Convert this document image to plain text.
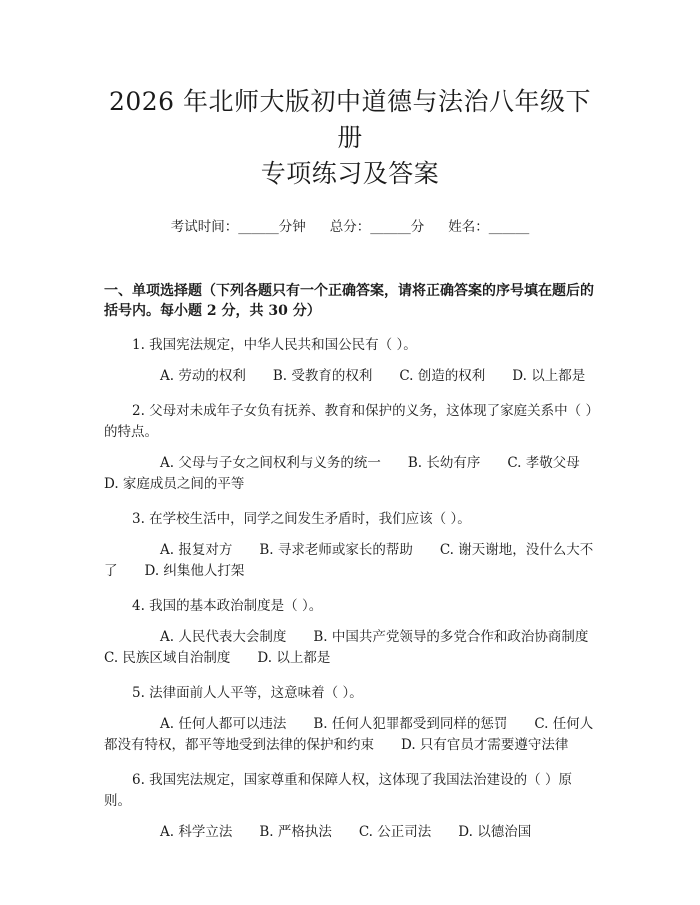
2026 年北师大版初中道德与法治八年级下册
专项练习及答案
考试时间：______分钟 总分：______分 姓名：______
一、单项选择题（下列各题只有一个正确答案，请将正确答案的序号填在题后的括号内。每小题 2 分，共 30 分）
1. 我国宪法规定，中华人民共和国公民有（ ）。
A. 劳动的权利　　B. 受教育的权利　　C. 创造的权利　　D. 以上都是
2. 父母对未成年子女负有抚养、教育和保护的义务，这体现了家庭关系中（ ）的特点。
A. 父母与子女之间权利与义务的统一　　B. 长幼有序　　C. 孝敬父母　　D. 家庭成员之间的平等
3. 在学校生活中，同学之间发生矛盾时，我们应该（ ）。
A. 报复对方　　B. 寻求老师或家长的帮助　　C. 谢天谢地，没什么大不了　　D. 纠集他人打架
4. 我国的基本政治制度是（ ）。
A. 人民代表大会制度　　B. 中国共产党领导的多党合作和政治协商制度　　C. 民族区域自治制度　　D. 以上都是
5. 法律面前人人平等，这意味着（ ）。
A. 任何人都可以违法　　B. 任何人犯罪都受到同样的惩罚　　C. 任何人都没有特权，都平等地受到法律的保护和约束　　D. 只有官员才需要遵守法律
6. 我国宪法规定，国家尊重和保障人权，这体现了我国法治建设的（ ）原则。
A. 科学立法　　B. 严格执法　　C. 公正司法　　D. 以德治国
